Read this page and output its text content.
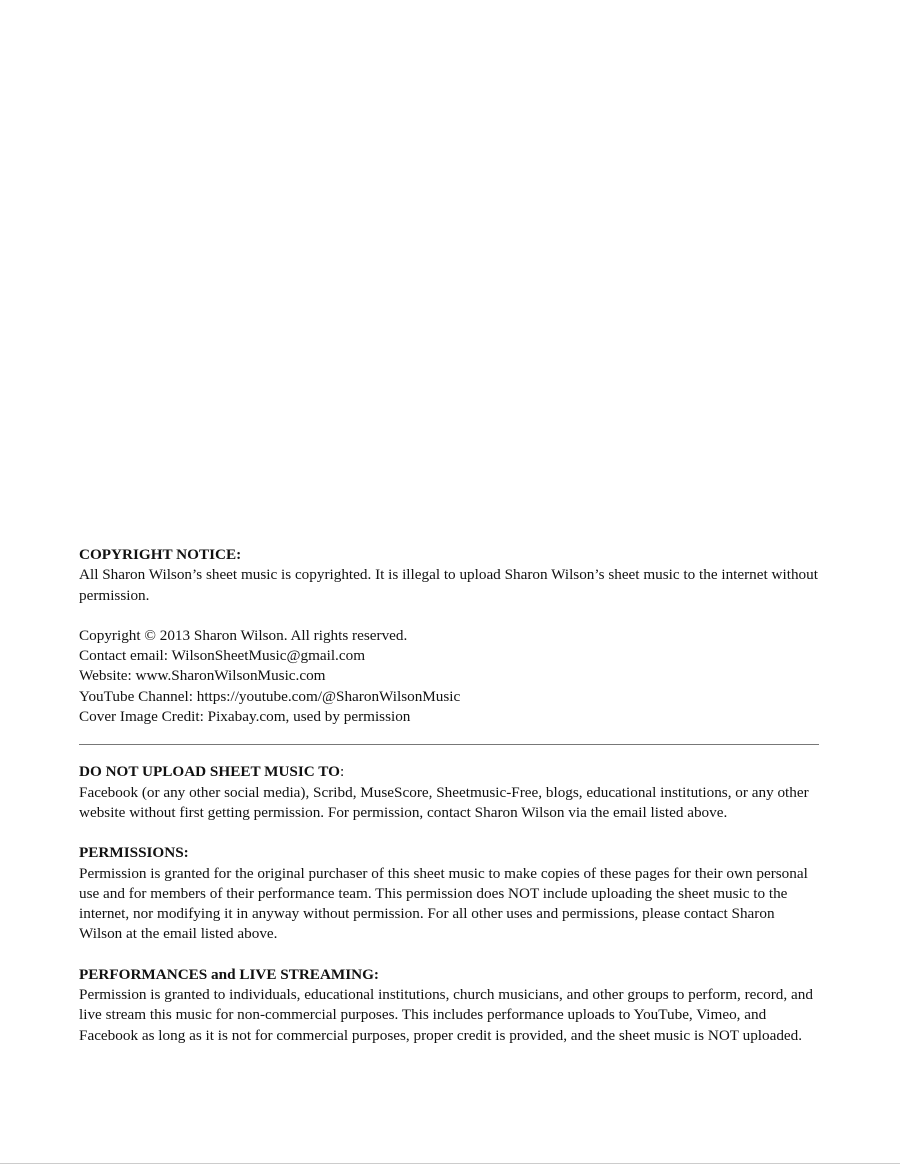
COPYRIGHT NOTICE:
All Sharon Wilson’s sheet music is copyrighted. It is illegal to upload Sharon Wilson’s sheet music to the internet without permission.
Copyright © 2013 Sharon Wilson. All rights reserved.
Contact email: WilsonSheetMusic@gmail.com
Website: www.SharonWilsonMusic.com
YouTube Channel: https://youtube.com/@SharonWilsonMusic
Cover Image Credit: Pixabay.com, used by permission
DO NOT UPLOAD SHEET MUSIC TO:
Facebook (or any other social media), Scribd, MuseScore, Sheetmusic-Free, blogs, educational institutions, or any other website without first getting permission. For permission, contact Sharon Wilson via the email listed above.
PERMISSIONS:
Permission is granted for the original purchaser of this sheet music to make copies of these pages for their own personal use and for members of their performance team. This permission does NOT include uploading the sheet music to the internet, nor modifying it in anyway without permission. For all other uses and permissions, please contact Sharon Wilson at the email listed above.
PERFORMANCES and LIVE STREAMING:
Permission is granted to individuals, educational institutions, church musicians, and other groups to perform, record, and live stream this music for non-commercial purposes. This includes performance uploads to YouTube, Vimeo, and Facebook as long as it is not for commercial purposes, proper credit is provided, and the sheet music is NOT uploaded.
